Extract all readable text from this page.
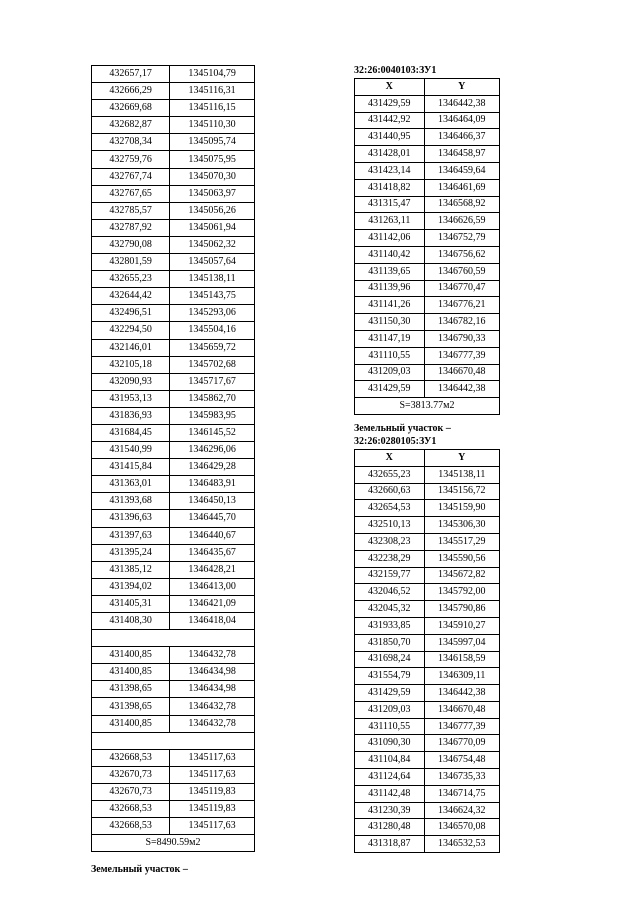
432657,17	1345104,79
432666,29	1345116,31
432669,68	1345116,15
432682,87	1345110,30
432708,34	1345095,74
432759,76	1345075,95
432767,74	1345070,30
432767,65	1345063,97
432785,57	1345056,26
432787,92	1345061,94
432790,08	1345062,32
432801,59	1345057,64
432655,23	1345138,11
432644,42	1345143,75
432496,51	1345293,06
432294,50	1345504,16
432146,01	1345659,72
432105,18	1345702,68
432090,93	1345717,67
431953,13	1345862,70
431836,93	1345983,95
431684,45	1346145,52
431540,99	1346296,06
431415,84	1346429,28
431363,01	1346483,91
431393,68	1346450,13
431396,63	1346445,70
431397,63	1346440,67
431395,24	1346435,67
431385,12	1346428,21
431394,02	1346413,00
431405,31	1346421,09
431408,30	1346418,04

431400,85	1346432,78
431400,85	1346434,98
431398,65	1346434,98
431398,65	1346432,78
431400,85	1346432,78

432668,53	1345117,63
432670,73	1345117,63
432670,73	1345119,83
432668,53	1345119,83
432668,53	1345117,63
S=8490.59м2	
Земельный участок –
32:26:0040103:ЗУ1
X	Y
431429,59	1346442,38
431442,92	1346464,09
431440,95	1346466,37
431428,01	1346458,97
431423,14	1346459,64
431418,82	1346461,69
431315,47	1346568,92
431263,11	1346626,59
431142,06	1346752,79
431140,42	1346756,62
431139,65	1346760,59
431139,96	1346770,47
431141,26	1346776,21
431150,30	1346782,16
431147,19	1346790,33
431110,55	1346777,39
431209,03	1346670,48
431429,59	1346442,38
S=3813.77м2	
Земельный участок –
32:26:0280105:ЗУ1
X	Y
432655,23	1345138,11
432660,63	1345156,72
432654,53	1345159,90
432510,13	1345306,30
432308,23	1345517,29
432238,29	1345590,56
432159,77	1345672,82
432046,52	1345792,00
432045,32	1345790,86
431933,85	1345910,27
431850,70	1345997,04
431698,24	1346158,59
431554,79	1346309,11
431429,59	1346442,38
431209,03	1346670,48
431110,55	1346777,39
431090,30	1346770,09
431104,84	1346754,48
431124,64	1346735,33
431142,48	1346714,75
431230,39	1346624,32
431280,48	1346570,08
431318,87	1346532,53
